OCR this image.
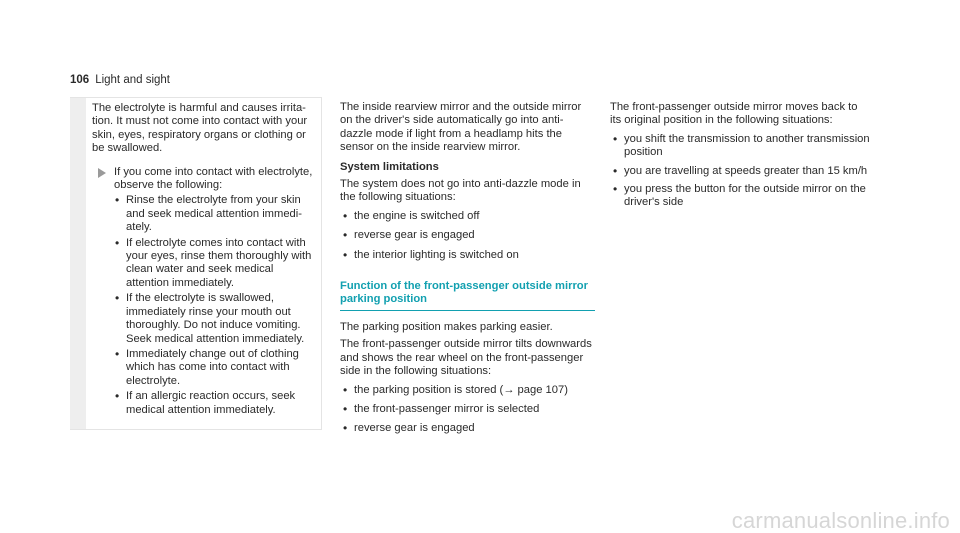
106 Light and sight

The electrolyte is harmful and causes irritation. It must not come into contact with your skin, eyes, respiratory organs or clothing or be swallowed.

If you come into contact with electrolyte, observe the following:

• Rinse the electrolyte from your skin and seek medical attention immediately.
• If electrolyte comes into contact with your eyes, rinse them thoroughly with clean water and seek medical attention immediately.
• If the electrolyte is swallowed, immediately rinse your mouth out thoroughly. Do not induce vomiting. Seek medical attention immediately.
• Immediately change out of clothing which has come into contact with electrolyte.
• If an allergic reaction occurs, seek medical attention immediately.

The inside rearview mirror and the outside mirror on the driver's side automatically go into anti-dazzle mode if light from a headlamp hits the sensor on the inside rearview mirror.

System limitations

The system does not go into anti-dazzle mode in the following situations:

• the engine is switched off
• reverse gear is engaged
• the interior lighting is switched on

Function of the front-passenger outside mirror parking position

The parking position makes parking easier.

The front-passenger outside mirror tilts downwards and shows the rear wheel on the front-passenger side in the following situations:

• the parking position is stored (→ page 107)
• the front-passenger mirror is selected
• reverse gear is engaged

The front-passenger outside mirror moves back to its original position in the following situations:

• you shift the transmission to another transmission position
• you are travelling at speeds greater than 15 km/h
• you press the button for the outside mirror on the driver's side
carmanualsonline.info
